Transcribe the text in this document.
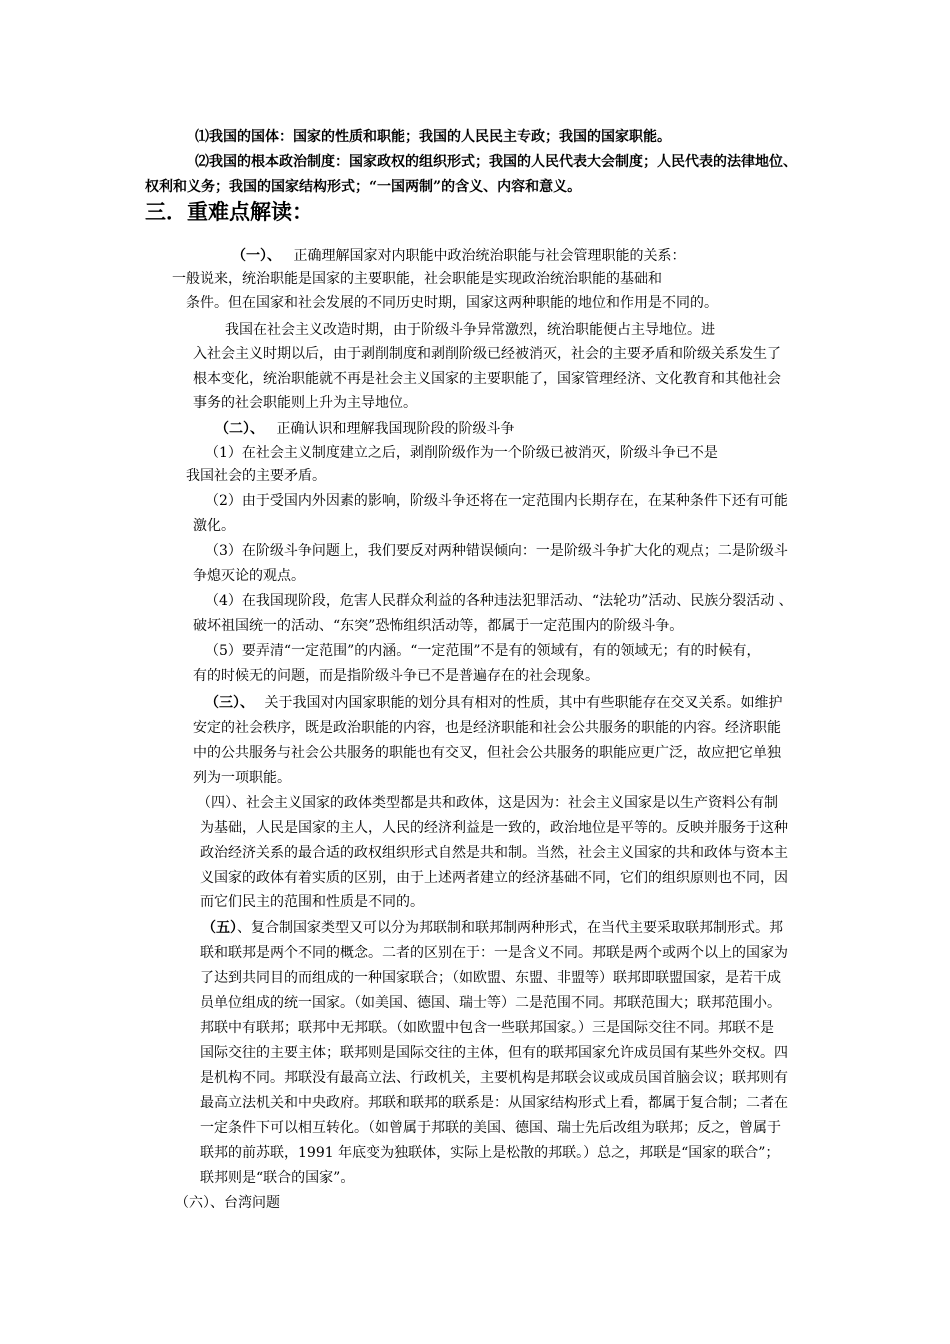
⑴我国的国体：国家的性质和职能；我国的人民民主专政；我国的国家职能。
⑵我国的根本政治制度：国家政权的组织形式；我国的人民代表大会制度；人民代表的法律地位、
权利和义务；我国的国家结构形式；“一国两制”的含义、内容和意义。
三．重难点解读：
（一）、 正确理解国家对内职能中政治统治职能与社会管理职能的关系：
一般说来，统治职能是国家的主要职能，社会职能是实现政治统治职能的基础和
条件。但在国家和社会发展的不同历史时期，国家这两种职能的地位和作用是不同的。
我国在社会主义改造时期，由于阶级斗争异常激烈，统治职能便占主导地位。进
入社会主义时期以后，由于剥削制度和剥削阶级已经被消灭，社会的主要矛盾和阶级关系发生了
根本变化，统治职能就不再是社会主义国家的主要职能了，国家管理经济、文化教育和其他社会
事务的社会职能则上升为主导地位。
（二）、 正确认识和理解我国现阶段的阶级斗争
（1）在社会主义制度建立之后，剥削阶级作为一个阶级已被消灭，阶级斗争已不是
我国社会的主要矛盾。
（2）由于受国内外因素的影响，阶级斗争还将在一定范围内长期存在，在某种条件下还有可能
激化。
（3）在阶级斗争问题上，我们要反对两种错误倾向：一是阶级斗争扩大化的观点；二是阶级斗
争熄灭论的观点。
（4）在我国现阶段，危害人民群众利益的各种违法犯罪活动、“法轮功”活动、民族分裂活动 、
破坏祖国统一的活动、“东突”恐怖组织活动等，都属于一定范围内的阶级斗争。
（5）要弄清“一定范围”的内涵。“一定范围”不是有的领域有，有的领域无；有的时候有，
有的时候无的问题，而是指阶级斗争已不是普遍存在的社会现象。
（三）、 关于我国对内国家职能的划分具有相对的性质，其中有些职能存在交叉关系。如维护
安定的社会秩序，既是政治职能的内容，也是经济职能和社会公共服务的职能的内容。经济职能
中的公共服务与社会公共服务的职能也有交叉，但社会公共服务的职能应更广泛，故应把它单独
列为一项职能。
（四）、社会主义国家的政体类型都是共和政体，这是因为：社会主义国家是以生产资料公有制
为基础，人民是国家的主人，人民的经济利益是一致的，政治地位是平等的。反映并服务于这种
政治经济关系的最合适的政权组织形式自然是共和制。当然，社会主义国家的共和政体与资本主
义国家的政体有着实质的区别，由于上述两者建立的经济基础不同，它们的组织原则也不同，因
而它们民主的范围和性质是不同的。
（五）、复合制国家类型又可以分为邦联制和联邦制两种形式，在当代主要采取联邦制形式。邦
联和联邦是两个不同的概念。二者的区别在于：一是含义不同。邦联是两个或两个以上的国家为
了达到共同目的而组成的一种国家联合；（如欧盟、东盟、非盟等）联邦即联盟国家，是若干成
员单位组成的统一国家。（如美国、德国、瑞士等）二是范围不同。邦联范围大；联邦范围小。
邦联中有联邦；联邦中无邦联。（如欧盟中包含一些联邦国家。）三是国际交往不同。邦联不是
国际交往的主要主体；联邦则是国际交往的主体，但有的联邦国家允许成员国有某些外交权。四
是机构不同。邦联没有最高立法、行政机关，主要机构是邦联会议或成员国首脑会议；联邦则有
最高立法机关和中央政府。邦联和联邦的联系是：从国家结构形式上看，都属于复合制；二者在
一定条件下可以相互转化。（如曾属于邦联的美国、德国、瑞士先后改组为联邦；反之，曾属于
联邦的前苏联，1991 年底变为独联体，实际上是松散的邦联。）总之，邦联是“国家的联合”；
联邦则是“联合的国家”。
（六）、台湾问题
